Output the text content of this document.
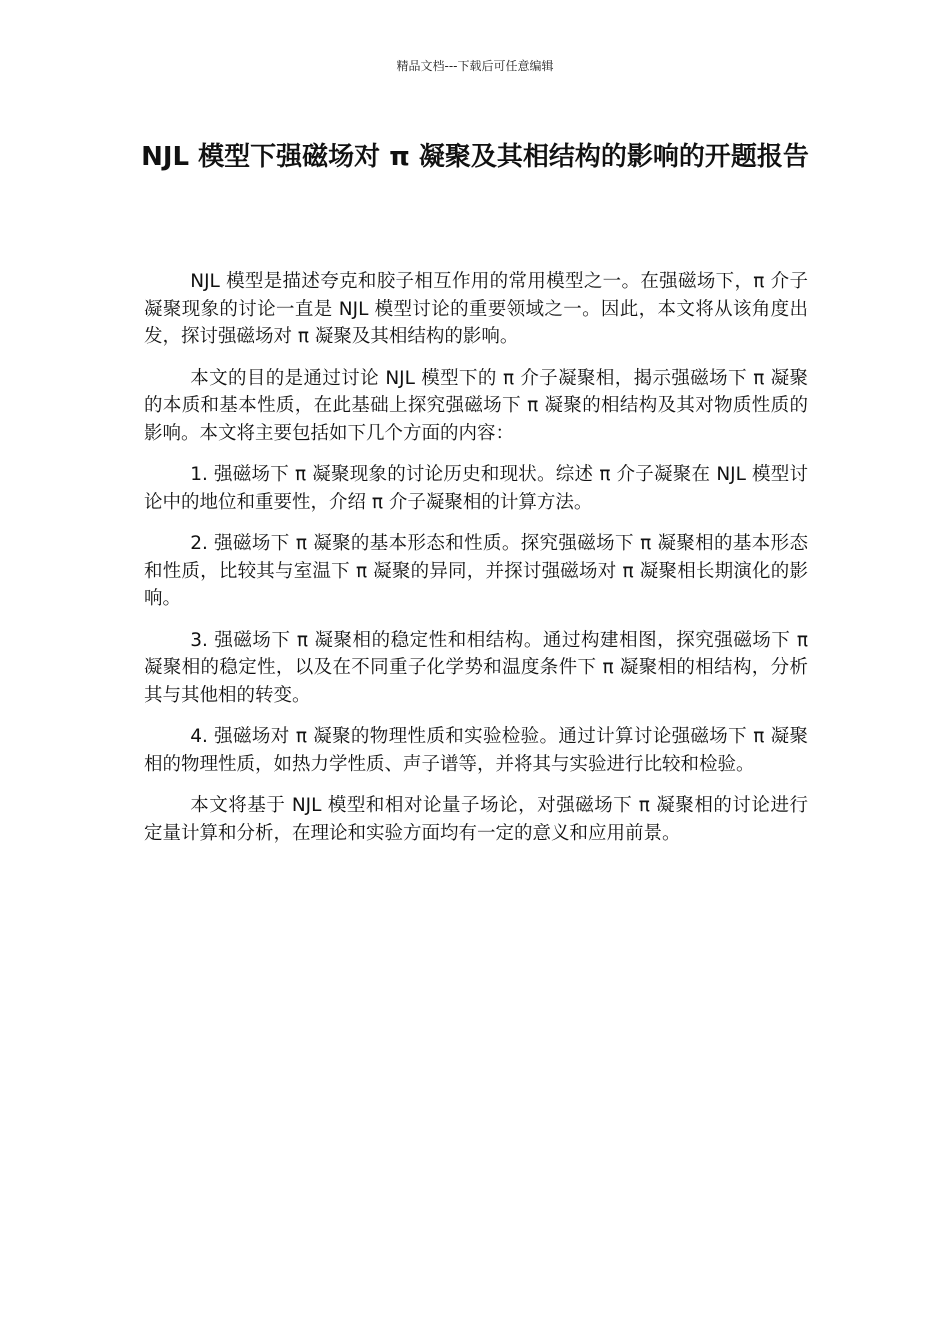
精品文档---下载后可任意编辑
NJL 模型下强磁场对 π 凝聚及其相结构的影响的开题报告

NJL 模型是描述夸克和胶子相互作用的常用模型之一。在强磁场下，π 介子凝聚现象的讨论一直是 NJL 模型讨论的重要领域之一。因此，本文将从该角度出发，探讨强磁场对 π 凝聚及其相结构的影响。

本文的目的是通过讨论 NJL 模型下的 π 介子凝聚相，揭示强磁场下 π 凝聚的本质和基本性质，在此基础上探究强磁场下 π 凝聚的相结构及其对物质性质的影响。本文将主要包括如下几个方面的内容：

1. 强磁场下 π 凝聚现象的讨论历史和现状。综述 π 介子凝聚在 NJL 模型讨论中的地位和重要性，介绍 π 介子凝聚相的计算方法。

2. 强磁场下 π 凝聚的基本形态和性质。探究强磁场下 π 凝聚相的基本形态和性质，比较其与室温下 π 凝聚的异同，并探讨强磁场对 π 凝聚相长期演化的影响。

3. 强磁场下 π 凝聚相的稳定性和相结构。通过构建相图，探究强磁场下 π 凝聚相的稳定性，以及在不同重子化学势和温度条件下 π 凝聚相的相结构，分析其与其他相的转变。

4. 强磁场对 π 凝聚的物理性质和实验检验。通过计算讨论强磁场下 π 凝聚相的物理性质，如热力学性质、声子谱等，并将其与实验进行比较和检验。

本文将基于 NJL 模型和相对论量子场论，对强磁场下 π 凝聚相的讨论进行定量计算和分析，在理论和实验方面均有一定的意义和应用前景。
